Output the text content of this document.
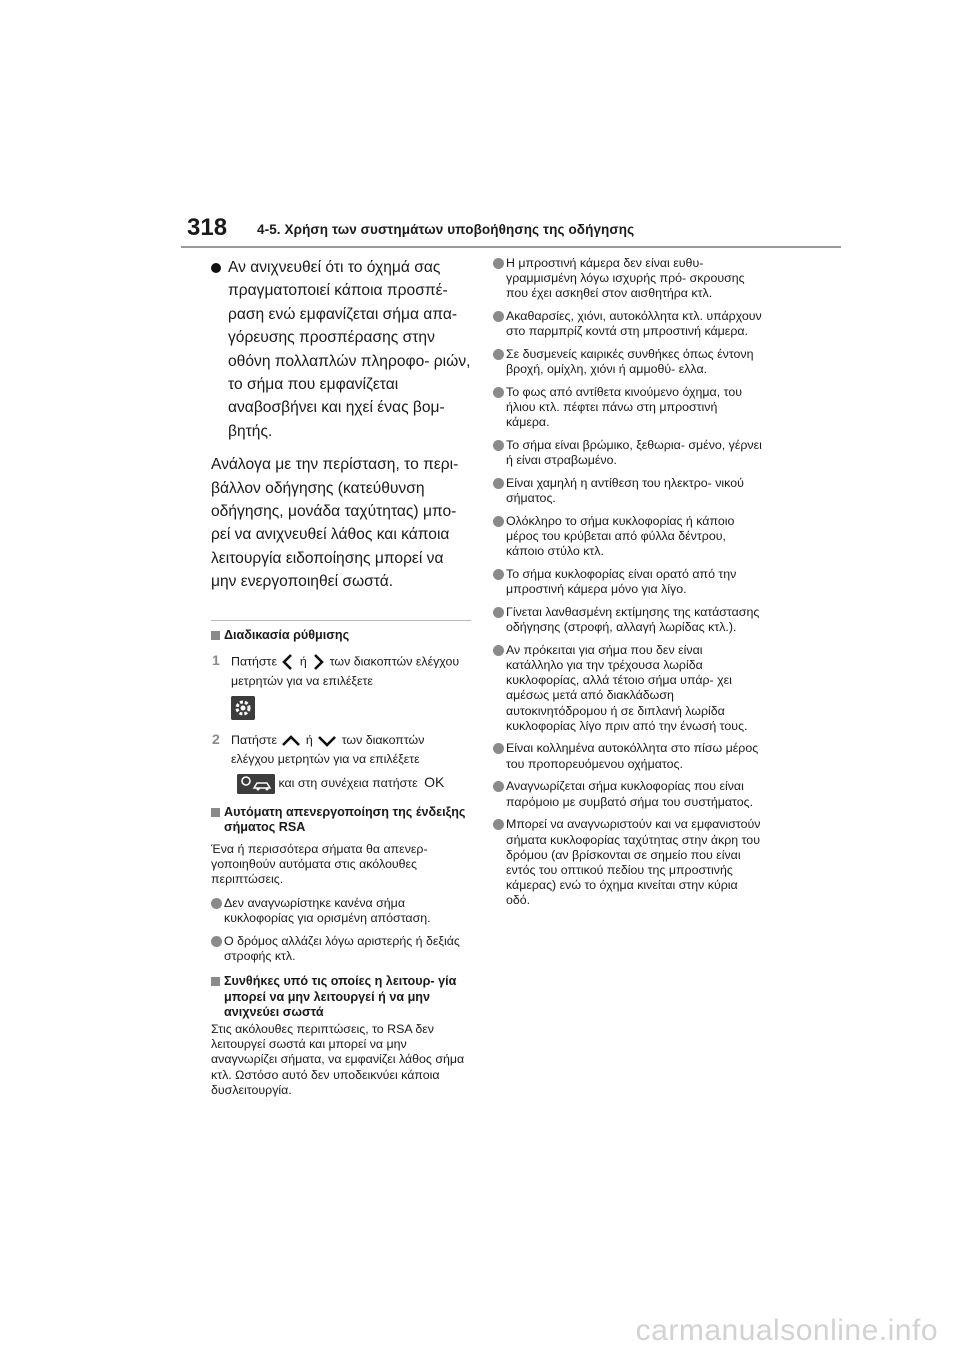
318 4-5. Χρήση των συστημάτων υποβοήθησης της οδήγησης
Αν ανιχνευθεί ότι το όχημά σας πραγματοποιεί κάποια προσπέ- ραση ενώ εμφανίζεται σήμα απα- γόρευσης προσπέρασης στην οθόνη πολλαπλών πληροφο- ριών, το σήμα που εμφανίζεται αναβοσβήνει και ηχεί ένας βομ- βητής.
Ανάλογα με την περίσταση, το περι- βάλλον οδήγησης (κατεύθυνση οδήγησης, μονάδα ταχύτητας) μπο- ρεί να ανιχνευθεί λάθος και κάποια λειτουργία ειδοποίησης μπορεί να μην ενεργοποιηθεί σωστά.
Διαδικασία ρύθμισης
1 Πατήστε ή των διακοπτών ελέγχου μετρητών για να επιλέξετε
2 Πατήστε ή των διακοπτών ελέγχου μετρητών για να επιλέξετε
και στη συνέχεια πατήστε OK
Αυτόματη απενεργοποίηση της ένδειξης σήματος RSA
Ένα ή περισσότερα σήματα θα απενερ- γοποιηθούν αυτόματα στις ακόλουθες περιπτώσεις.
Δεν αναγνωρίστηκε κανένα σήμα κυκλοφορίας για ορισμένη απόσταση.
Ο δρόμος αλλάζει λόγω αριστερής ή δεξιάς στροφής κτλ.
Συνθήκες υπό τις οποίες η λειτουρ- γία μπορεί να μην λειτουργεί ή να μην ανιχνεύει σωστά
Στις ακόλουθες περιπτώσεις, το RSA δεν λειτουργεί σωστά και μπορεί να μην αναγνωρίζει σήματα, να εμφανίζει λάθος σήμα κτλ. Ωστόσο αυτό δεν υποδεικνύει κάποια δυσλειτουργία.
Η μπροστινή κάμερα δεν είναι ευθυ- γραμμισμένη λόγω ισχυρής πρό- σκρουσης που έχει ασκηθεί στον αισθητήρα κτλ.
Ακαθαρσίες, χιόνι, αυτοκόλλητα κτλ. υπάρχουν στο παρμπρίζ κοντά στη μπροστινή κάμερα.
Σε δυσμενείς καιρικές συνθήκες όπως έντονη βροχή, ομίχλη, χιόνι ή αμμοθύ- ελλα.
Το φως από αντίθετα κινούμενο όχημα, του ήλιου κτλ. πέφτει πάνω στη μπροστινή κάμερα.
Το σήμα είναι βρώμικο, ξεθωρια- σμένο, γέρνει ή είναι στραβωμένο.
Είναι χαμηλή η αντίθεση του ηλεκτρο- νικού σήματος.
Ολόκληρο το σήμα κυκλοφορίας ή κάποιο μέρος του κρύβεται από φύλλα δέντρου, κάποιο στύλο κτλ.
Το σήμα κυκλοφορίας είναι ορατό από την μπροστινή κάμερα μόνο για λίγο.
Γίνεται λανθασμένη εκτίμησης της κατάστασης οδήγησης (στροφή, αλλαγή λωρίδας κτλ.).
Αν πρόκειται για σήμα που δεν είναι κατάλληλο για την τρέχουσα λωρίδα κυκλοφορίας, αλλά τέτοιο σήμα υπάρ- χει αμέσως μετά από διακλάδωση αυτοκινητόδρομου ή σε διπλανή λωρίδα κυκλοφορίας λίγο πριν από την ένωσή τους.
Είναι κολλημένα αυτοκόλλητα στο πίσω μέρος του προπορευόμενου οχήματος.
Αναγνωρίζεται σήμα κυκλοφορίας που είναι παρόμοιο με συμβατό σήμα του συστήματος.
Μπορεί να αναγνωριστούν και να εμφανιστούν σήματα κυκλοφορίας ταχύτητας στην άκρη του δρόμου (αν βρίσκονται σε σημείο που είναι εντός του οπτικού πεδίου της μπροστινής κάμερας) ενώ το όχημα κινείται στην κύρια οδό.
carmanualsonline.info
